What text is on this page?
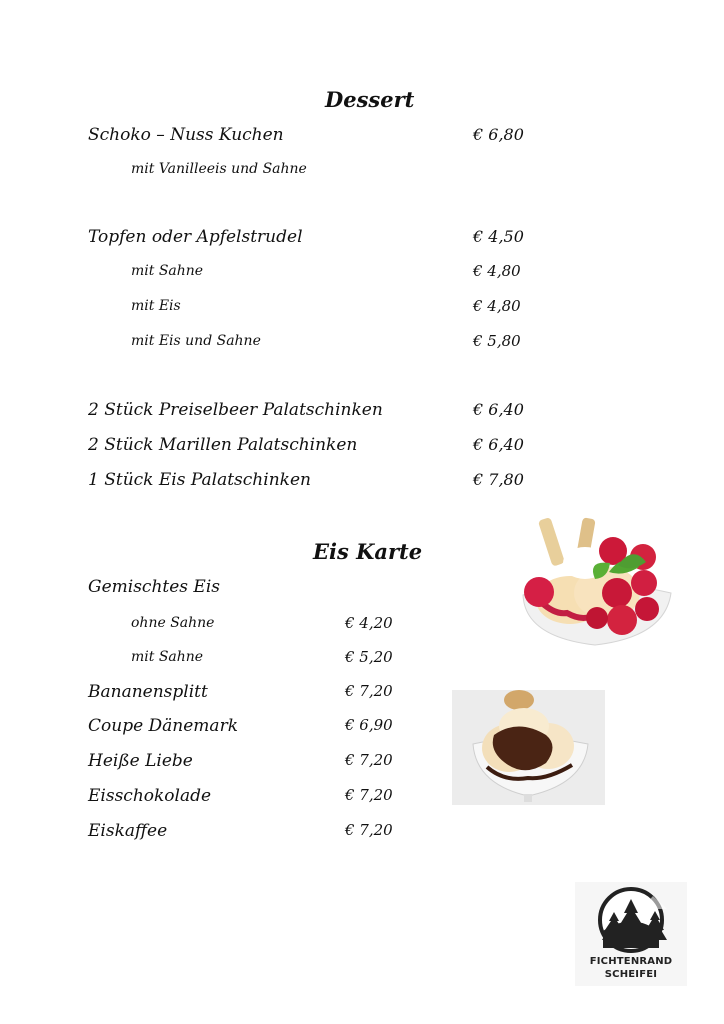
Dessert
Schoko – Nuss Kuchen	€ 6,80
mit Vanilleeis und Sahne
Topfen oder Apfelstrudel	€ 4,50
mit Sahne	€ 4,80
mit Eis	€ 4,80
mit Eis und Sahne	€ 5,80
2 Stück Preiselbeer Palatschinken	€ 6,40
2 Stück Marillen Palatschinken	€ 6,40
1 Stück Eis Palatschinken	€ 7,80
Eis Karte
Gemischtes Eis
ohne Sahne	€ 4,20
mit Sahne	€ 5,20
Bananensplitt	€ 7,20
Coupe Dänemark	€ 6,90
Heiße Liebe	€ 7,20
Eisschokolade	€ 7,20
Eiskaffee	€ 7,20
FICHTENRAND
SCHEIFEI
